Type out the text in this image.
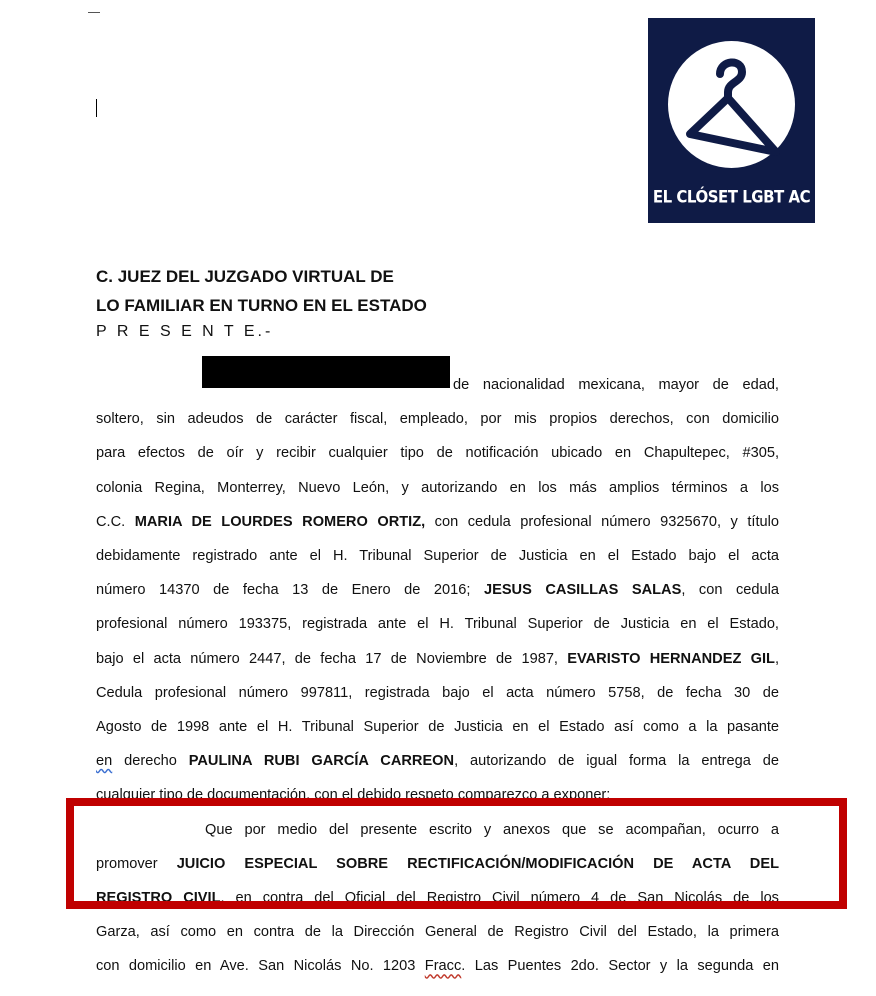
EL CLÓSET LGBT AC

C. JUEZ DEL JUZGADO VIRTUAL DE

LO FAMILIAR EN TURNO EN EL ESTADO

P R E S E N T E.-
de nacionalidad mexicana, mayor de edad,
soltero, sin adeudos de carácter fiscal, empleado, por mis propios derechos, con domicilio
para efectos de oír y recibir cualquier tipo de notificación ubicado en Chapultepec, #305,
colonia Regina, Monterrey, Nuevo León, y autorizando en los más amplios términos a los
C.C. MARIA DE LOURDES ROMERO ORTIZ, con cedula profesional número 9325670, y título
debidamente registrado ante el H. Tribunal Superior de Justicia en el Estado bajo el acta
número 14370 de fecha 13 de Enero de 2016; JESUS CASILLAS SALAS, con cedula
profesional número 193375, registrada ante el H. Tribunal Superior de Justicia en el Estado,
bajo el acta número 2447, de fecha 17 de Noviembre de 1987, EVARISTO HERNANDEZ GIL,
Cedula profesional número 997811, registrada bajo el acta número 5758, de fecha 30 de
Agosto de 1998 ante el H. Tribunal Superior de Justicia en el Estado así como a la pasante
en derecho PAULINA RUBI GARCÍA CARREON, autorizando de igual forma la entrega de
cualquier tipo de documentación, con el debido respeto comparezco a exponer:
Que por medio del presente escrito y anexos que se acompañan, ocurro a
promover JUICIO ESPECIAL SOBRE RECTIFICACIÓN/MODIFICACIÓN DE ACTA DEL
REGISTRO CIVIL, en contra del Oficial del Registro Civil número 4 de San Nicolás de los
Garza, así como en contra de la Dirección General de Registro Civil del Estado, la primera
con domicilio en Ave. San Nicolás No. 1203 Fracc. Las Puentes 2do. Sector y la segunda en
